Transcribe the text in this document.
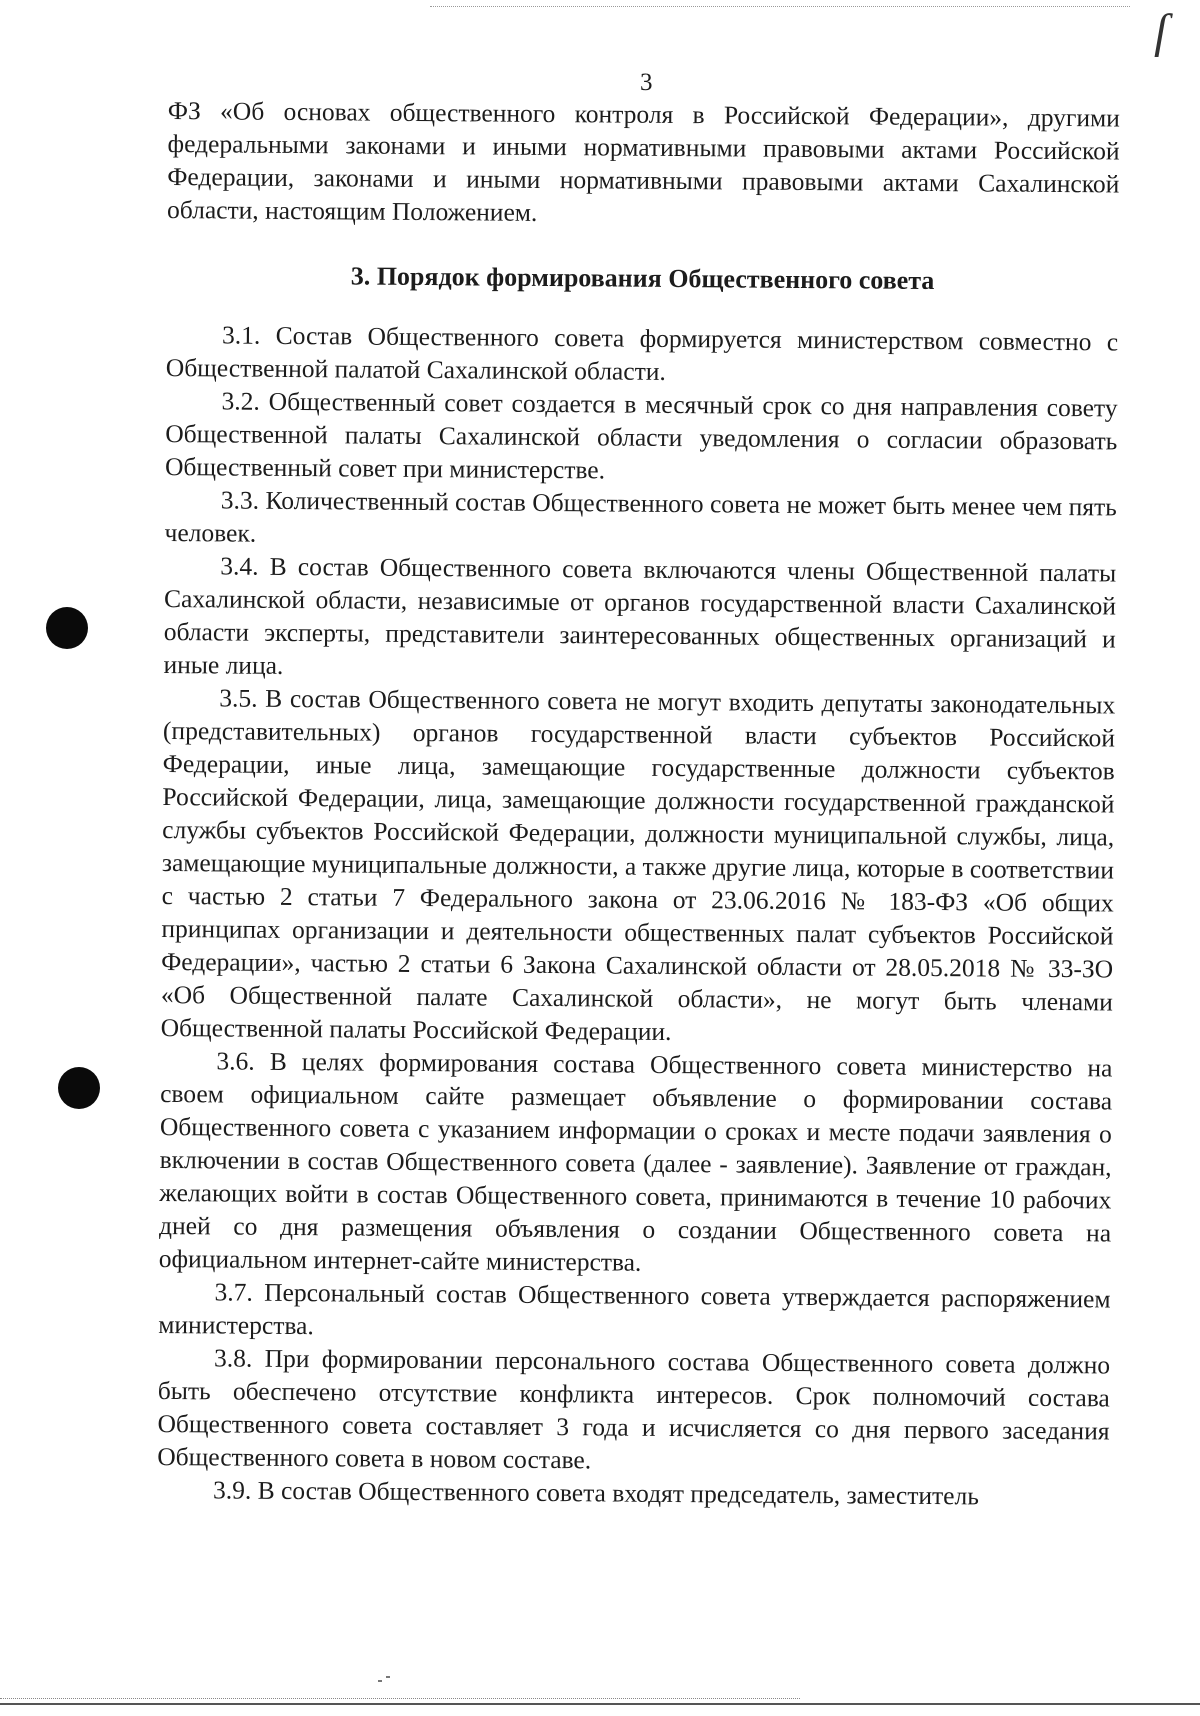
ſ
3

ФЗ «Об основах общественного контроля в Российской Федерации», другими федеральными законами и иными нормативными правовыми актами Российской Федерации, законами и иными нормативными правовыми актами Сахалинской области, настоящим Положением.

3. Порядок формирования Общественного совета

3.1. Состав Общественного совета формируется министерством совместно с Общественной палатой Сахалинской области.

3.2. Общественный совет создается в месячный срок со дня направления совету Общественной палаты Сахалинской области уведомления о согласии образовать Общественный совет при министерстве.

3.3. Количественный состав Общественного совета не может быть менее чем пять человек.

3.4. В состав Общественного совета включаются члены Общественной палаты Сахалинской области, независимые от органов государственной власти Сахалинской области эксперты, представители заинтересованных общественных организаций и иные лица.

3.5. В состав Общественного совета не могут входить депутаты законодательных (представительных) органов государственной власти субъектов Российской Федерации, иные лица, замещающие государственные должности субъектов Российской Федерации, лица, замещающие должности государственной гражданской службы субъектов Российской Федерации, должности муниципальной службы, лица, замещающие муниципальные должности, а также другие лица, которые в соответствии с частью 2 статьи 7 Федерального закона от 23.06.2016 № 183-ФЗ «Об общих принципах организации и деятельности общественных палат субъектов Российской Федерации», частью 2 статьи 6 Закона Сахалинской области от 28.05.2018 № 33-ЗО «Об Общественной палате Сахалинской области», не могут быть членами Общественной палаты Российской Федерации.

3.6. В целях формирования состава Общественного совета министерство на своем официальном сайте размещает объявление о формировании состава Общественного совета с указанием информации о сроках и месте подачи заявления о включении в состав Общественного совета (далее - заявление). Заявление от граждан, желающих войти в состав Общественного совета, принимаются в течение 10 рабочих дней со дня размещения объявления о создании Общественного совета на официальном интернет-сайте министерства.

3.7. Персональный состав Общественного совета утверждается распоряжением министерства.

3.8. При формировании персонального состава Общественного совета должно быть обеспечено отсутствие конфликта интересов. Срок полномочий состава Общественного совета составляет 3 года и исчисляется со дня первого заседания Общественного совета в новом составе.

3.9. В состав Общественного совета входят председатель, заместитель
